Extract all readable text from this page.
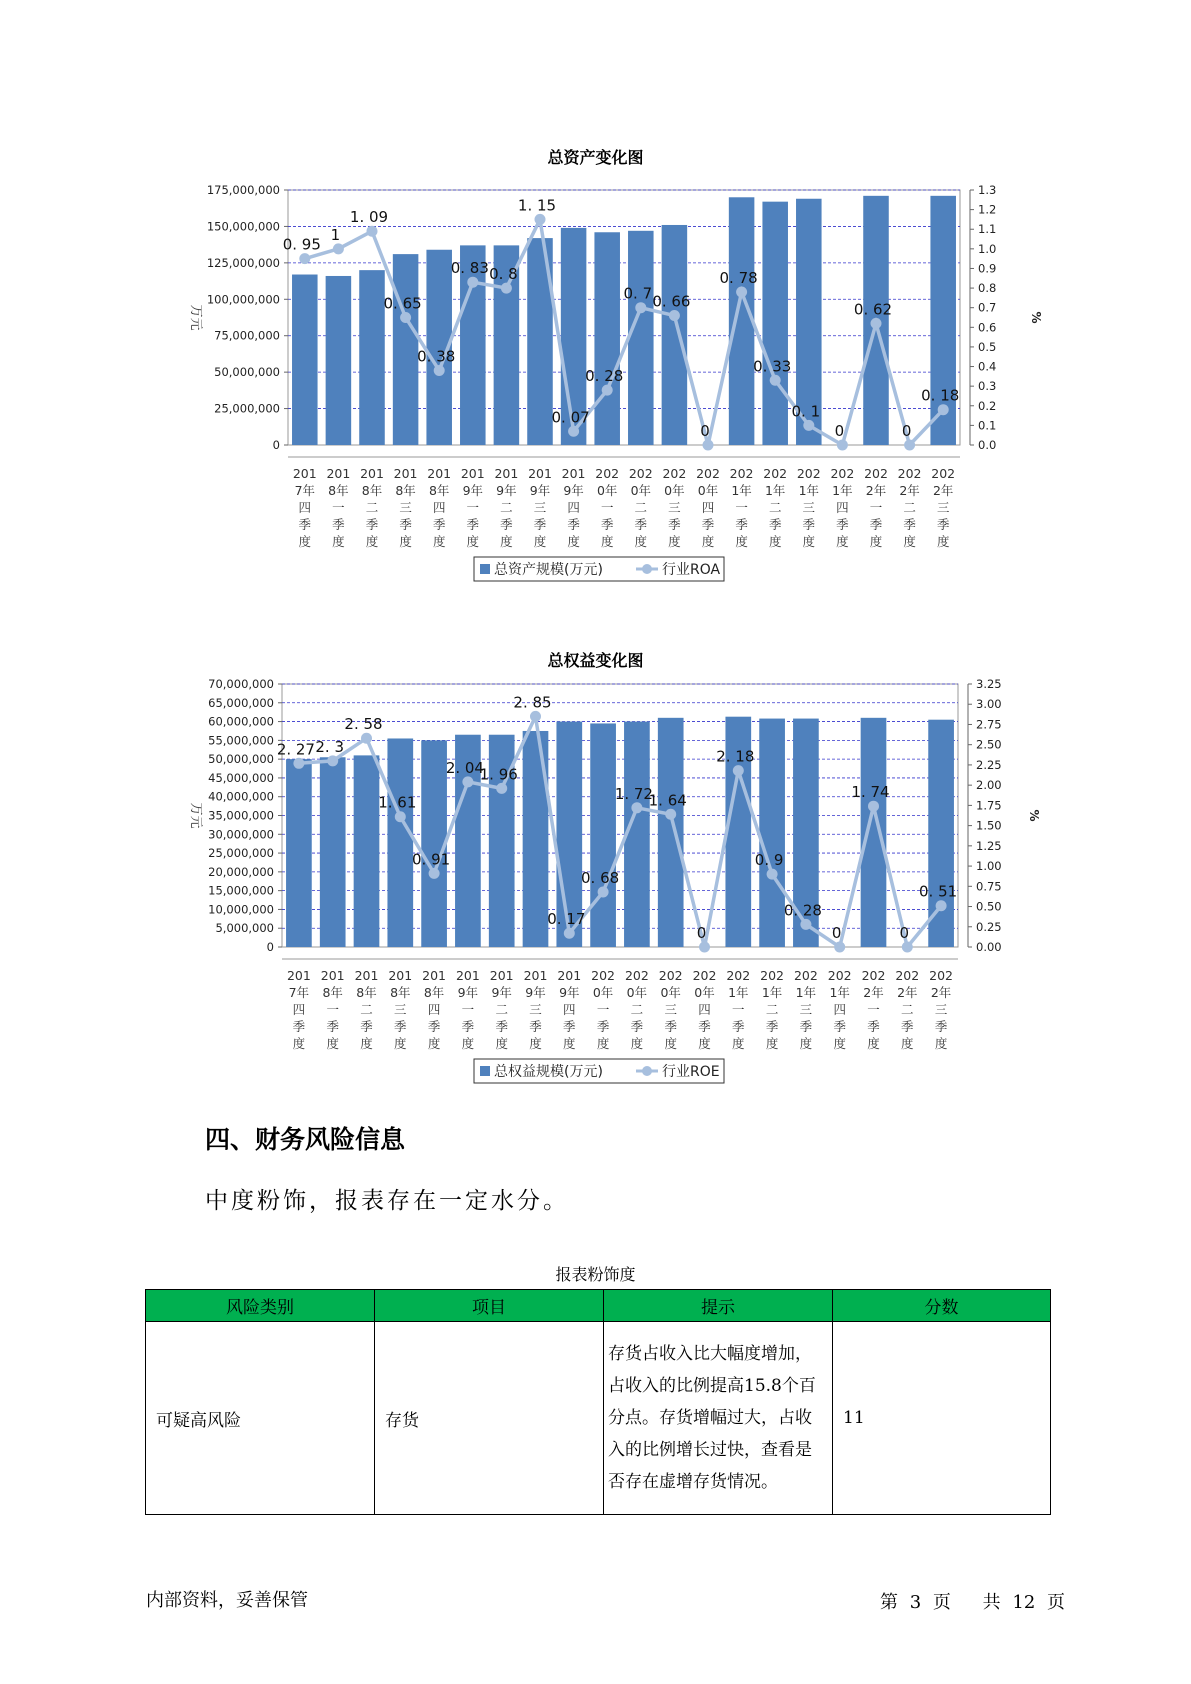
总资产变化图
0
25,000,000
50,000,000
75,000,000
100,000,000
125,000,000
150,000,000
175,000,000
0.0
0.1
0.2
0.3
0.4
0.5
0.6
0.7
0.8
0.9
1.0
1.1
1.2
1.3
万元	%
0. 95
1
1. 09
0. 65
0. 38
0. 83 0. 8
1. 15
0. 07
0. 28
0. 7 0. 66
0
0. 78
0. 33
0. 1
0
0. 62
0
0. 18
201
7年
四
季
度
201
8年
一
季
度
201
8年
二
季
度
201
8年
三
季
度
201
8年
四
季
度
201
9年
一
季
度
201
9年
二
季
度
201
9年
三
季
度
201
9年
四
季
度
202
0年
一
季
度
202
0年
二
季
度
202
0年
三
季
度
202
0年
四
季
度
202
1年
一
季
度
202
1年
二
季
度
202
1年
三
季
度
202
1年
四
季
度
202
2年
一
季
度
202
2年
二
季
度
202
2年
三
季
度
总资产规模(万元)	行业ROA
总权益变化图
0
5,000,000
10,000,000
15,000,000
20,000,000
25,000,000
30,000,000
35,000,000
40,000,000
45,000,000
50,000,000
55,000,000
60,000,000
65,000,000
70,000,000
0.00
0.25
0.50
0.75
1.00
1.25
1.50
1.75
2.00
2.25
2.50
2.75
3.00
3.25
万元	%
2. 27 2. 3
2. 58
1. 61
0. 91
2. 04
1. 96
2. 85
0. 17
0. 68
1. 72
1. 64
0
2. 18
0. 9
0. 28
0
1. 74
0
0. 51
201
7年
四
季
度
201
8年
一
季
度
201
8年
二
季
度
201
8年
三
季
度
201
8年
四
季
度
201
9年
一
季
度
201
9年
二
季
度
201
9年
三
季
度
201
9年
四
季
度
202
0年
一
季
度
202
0年
二
季
度
202
0年
三
季
度
202
0年
四
季
度
202
1年
一
季
度
202
1年
二
季
度
202
1年
三
季
度
202
1年
四
季
度
202
2年
一
季
度
202
2年
二
季
度
202
2年
三
季
度
总权益规模(万元)	行业ROE
四、财务风险信息
中度粉饰，报表存在一定水分。
报表粉饰度
风险类别	项目	提示	分数
可疑高风险	存货	存货占收入比大幅度增加，占收入的比例提高15.8个百分点。存货增幅过大，占收入的比例增长过快，查看是否存在虚增存货情况。	11
内部资料，妥善保管	第 3 页 共 12 页
